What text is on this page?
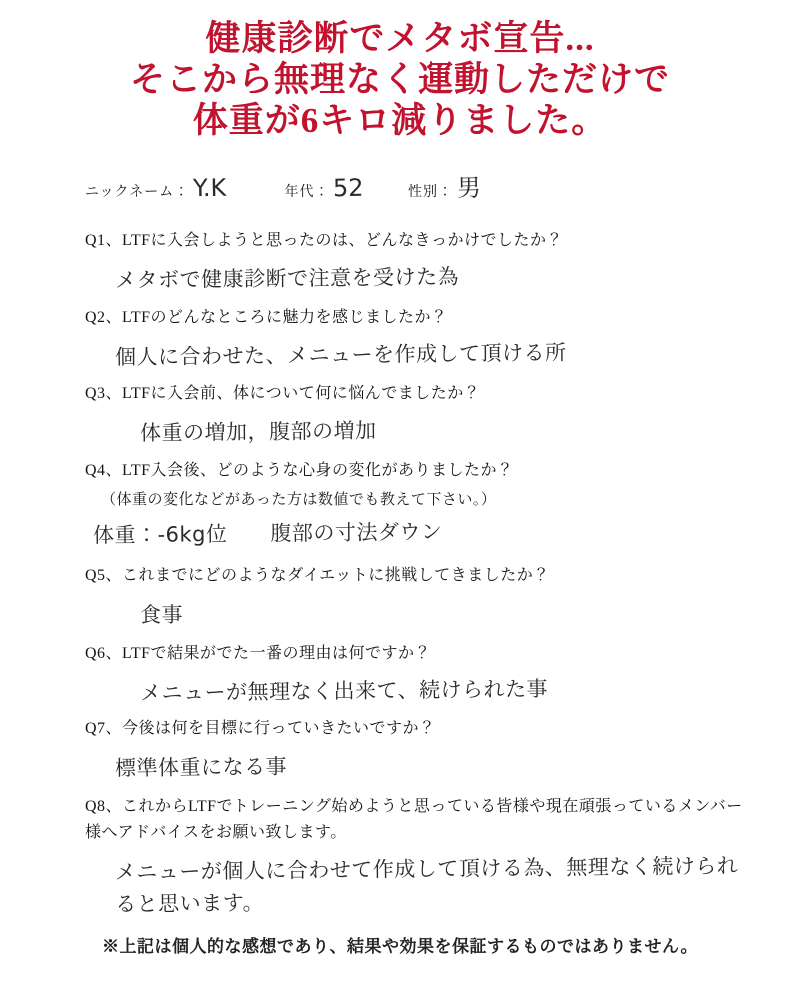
健康診断でメタボ宣告...
そこから無理なく運動しただけで
体重が6キロ減りました。
ニックネーム： Y.K	年代： 52	性別： 男
Q1、LTFに入会しようと思ったのは、どんなきっかけでしたか？
メタボで健康診断で注意を受けた為
Q2、LTFのどんなところに魅力を感じましたか？
個人に合わせた、メニューを作成して頂ける所
Q3、LTFに入会前、体について何に悩んでましたか？
体重の増加，腹部の増加
Q4、LTF入会後、どのような心身の変化がありましたか？
（体重の変化などがあった方は数値でも教えて下さい。）
体重：-6kg位　　腹部の寸法ダウン
Q5、これまでにどのようなダイエットに挑戦してきましたか？
食事
Q6、LTFで結果がでた一番の理由は何ですか？
メニューが無理なく出来て、続けられた事
Q7、今後は何を目標に行っていきたいですか？
標準体重になる事
Q8、これからLTFでトレーニング始めようと思っている皆様や現在頑張っているメンバー様へアドバイスをお願い致します。
メニューが個人に合わせて作成して頂ける為、無理なく続けられると思います。
※上記は個人的な感想であり、結果や効果を保証するものではありません。
